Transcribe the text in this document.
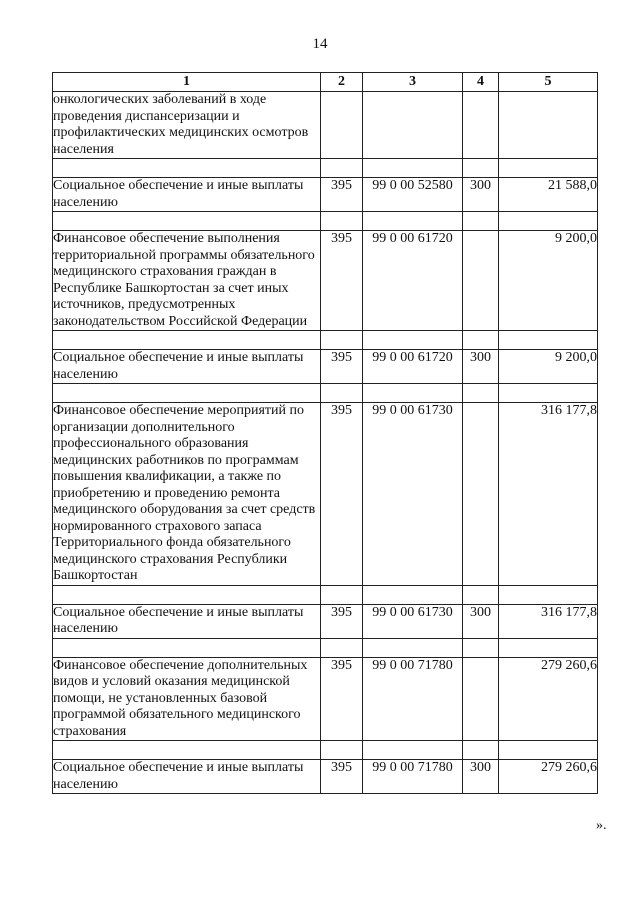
14
1	2	3	4	5
онкологических заболеваний в ходе проведения диспансеризации и профилактических медицинских осмотров населения				

Социальное обеспечение и иные выплаты населению	395	99 0 00 52580	300	21 588,0

Финансовое обеспечение выполнения территориальной программы обязательного медицинского страхования граждан в Республике Башкортостан за счет иных источников, предусмотренных законодательством Российской Федерации	395	99 0 00 61720		9 200,0

Социальное обеспечение и иные выплаты населению	395	99 0 00 61720	300	9 200,0

Финансовое обеспечение мероприятий по организации дополнительного профессионального образования медицинских работников по программам повышения квалификации, а также по приобретению и проведению ремонта медицинского оборудования за счет средств нормированного страхового запаса Территориального фонда обязательного медицинского страхования Республики Башкортостан	395	99 0 00 61730		316 177,8

Социальное обеспечение и иные выплаты населению	395	99 0 00 61730	300	316 177,8

Финансовое обеспечение дополнительных видов и условий оказания медицинской помощи, не установленных базовой программой обязательного медицинского страхования	395	99 0 00 71780		279 260,6

Социальное обеспечение и иные выплаты населению	395	99 0 00 71780	300	279 260,6
».
